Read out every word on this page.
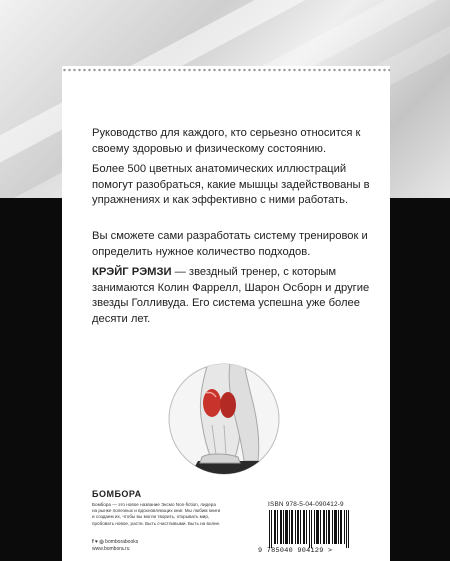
Руководство для каждого, кто серьезно относится к своему здоровью и физическому состоянию.

Более 500 цветных анатомических иллюстраций помогут разобраться, какие мышцы задействованы в упражнениях и как эффективно с ними работать.

Вы сможете сами разработать систему тренировок и определить нужное количество подходов.

КРЭЙГ РЭМЗИ — звездный тренер, с которым занимаются Колин Фаррелл, Шарон Осборн и другие звезды Голливуда. Его система успешна уже более десяти лет.

БОМБОРА

Бомбора — это новое название Эксмо Non-fiction, лидера на рынке полезных и вдохновляющих книг. Мы любим книги и создаем их, чтобы вы могли творить, открывать мир, пробовать новое, расти. Быть счастливыми. Быть на волне.

f ♥ ◎ bomborabooks
www.bombora.ru
ISBN 978-5-04-090412-9
9 785040 904129 >
